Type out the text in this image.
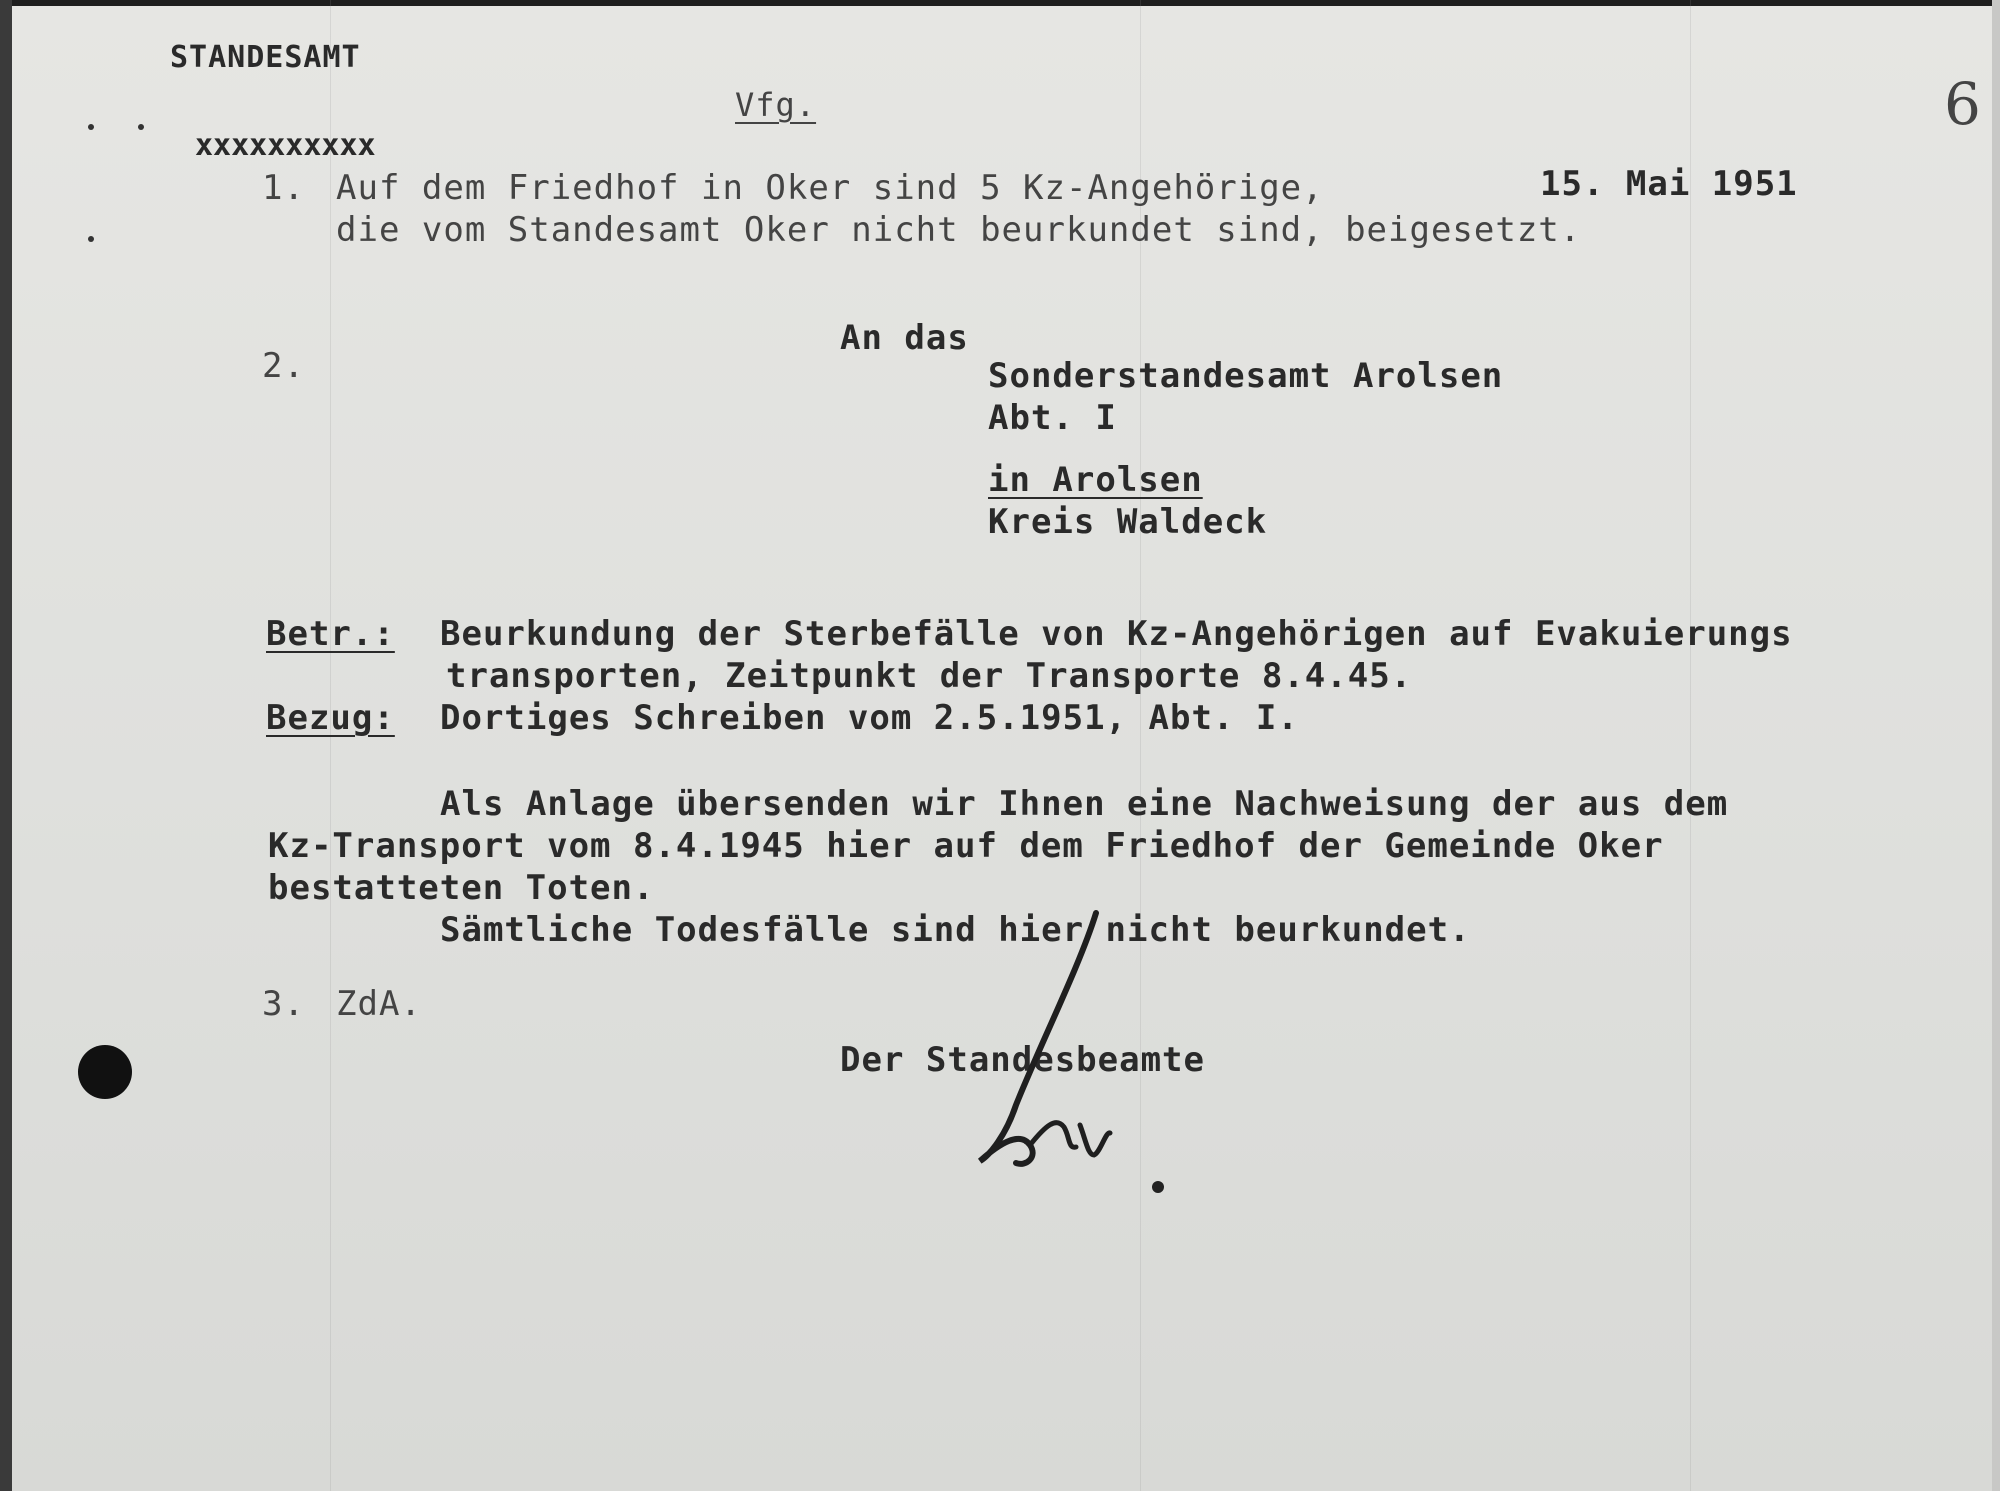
STANDESAMT
Vfg.	6
xxxxxxxxxx
1. Auf dem Friedhof in Oker sind 5 Kz-Angehörige,	15. Mai 1951
die vom Standesamt Oker nicht beurkundet sind, beigesetzt.
2.
An das
Sonderstandesamt Arolsen
Abt. I
in Arolsen
Kreis Waldeck
Betr.: Beurkundung der Sterbefälle von Kz-Angehörigen auf Evakuierungs
transporten, Zeitpunkt der Transporte 8.4.45.
Bezug: Dortiges Schreiben vom 2.5.1951, Abt. I.
Als Anlage übersenden wir Ihnen eine Nachweisung der aus dem
Kz-Transport vom 8.4.1945 hier auf dem Friedhof der Gemeinde Oker
bestatteten Toten.
Sämtliche Todesfälle sind hier nicht beurkundet.
3. ZdA.
Der Standesbeamte
